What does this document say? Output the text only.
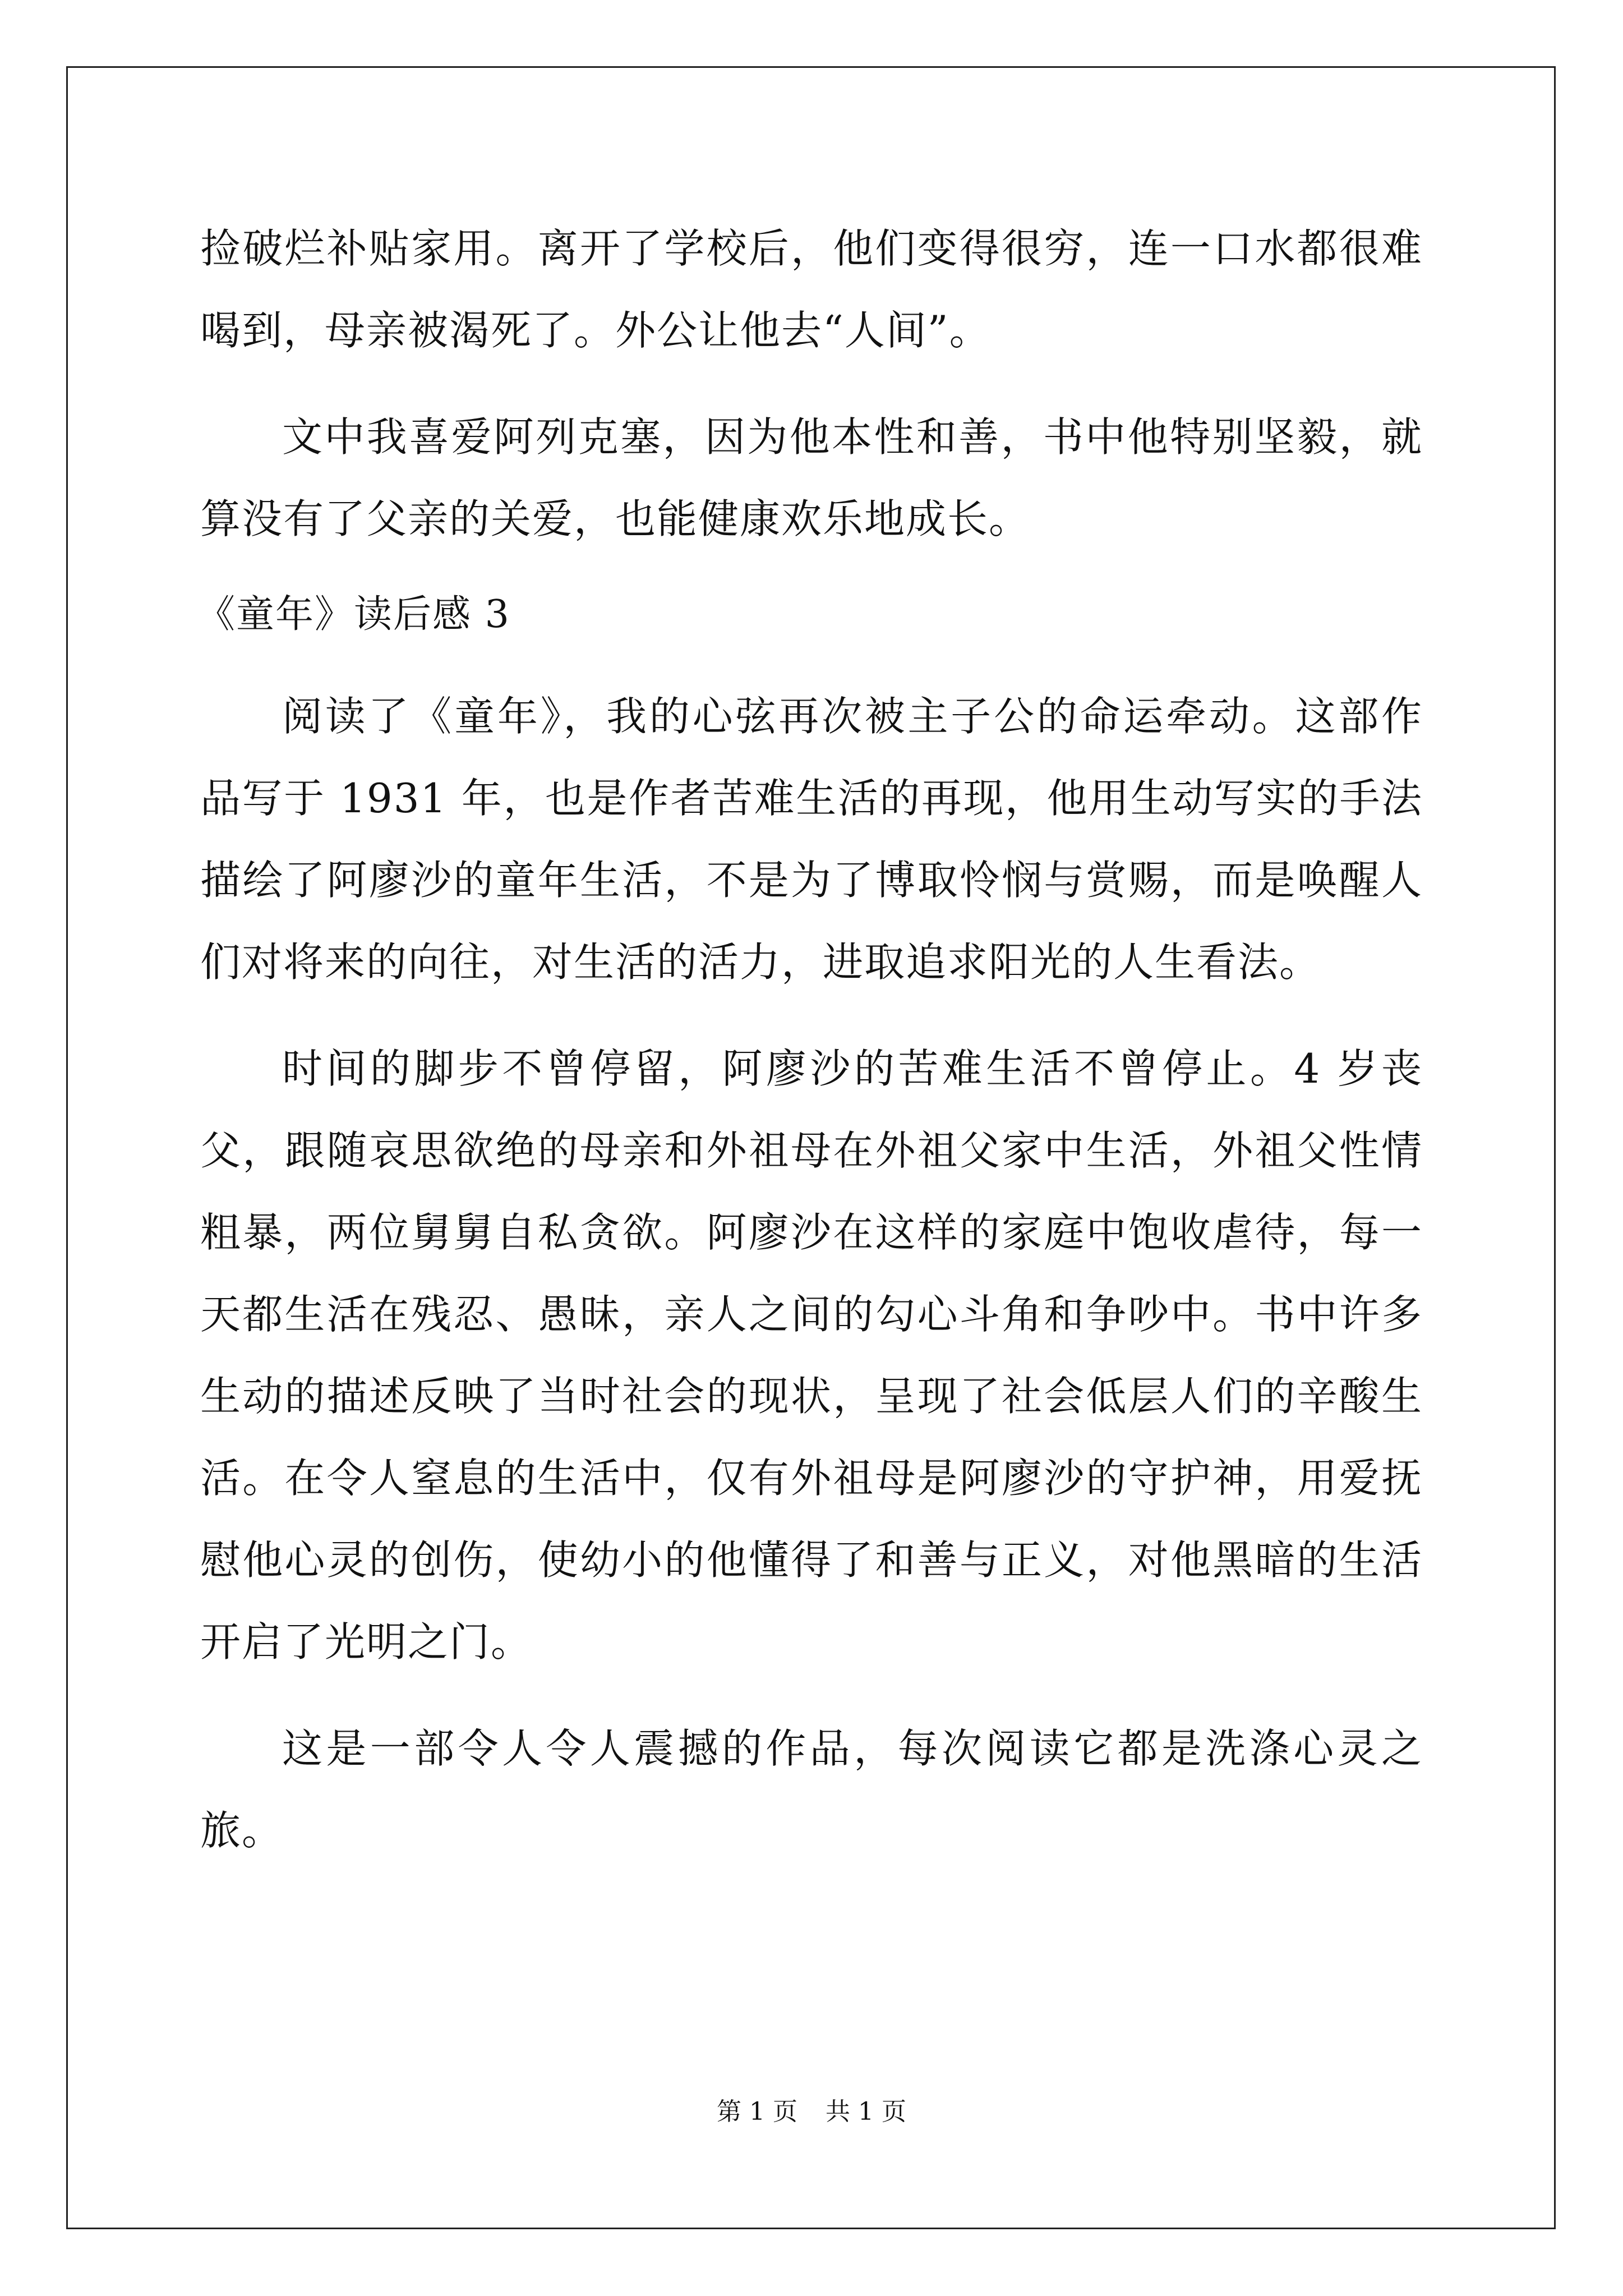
捡破烂补贴家用。离开了学校后，他们变得很穷，连一口水都很难喝到，母亲被渴死了。外公让他去“人间”。

文中我喜爱阿列克塞，因为他本性和善，书中他特别坚毅，就算没有了父亲的关爱，也能健康欢乐地成长。

《童年》读后感 3

阅读了《童年》，我的心弦再次被主子公的命运牵动。这部作品写于 1931 年，也是作者苦难生活的再现，他用生动写实的手法描绘了阿廖沙的童年生活，不是为了博取怜悯与赏赐，而是唤醒人们对将来的向往，对生活的活力，进取追求阳光的人生看法。

时间的脚步不曾停留，阿廖沙的苦难生活不曾停止。4 岁丧父，跟随哀思欲绝的母亲和外祖母在外祖父家中生活，外祖父性情粗暴，两位舅舅自私贪欲。阿廖沙在这样的家庭中饱收虐待，每一天都生活在残忍、愚昧，亲人之间的勾心斗角和争吵中。书中许多生动的描述反映了当时社会的现状，呈现了社会低层人们的辛酸生活。在令人窒息的生活中，仅有外祖母是阿廖沙的守护神，用爱抚慰他心灵的创伤，使幼小的他懂得了和善与正义，对他黑暗的生活开启了光明之门。

这是一部令人令人震撼的作品，每次阅读它都是洗涤心灵之旅。

第 1 页 共 1 页
